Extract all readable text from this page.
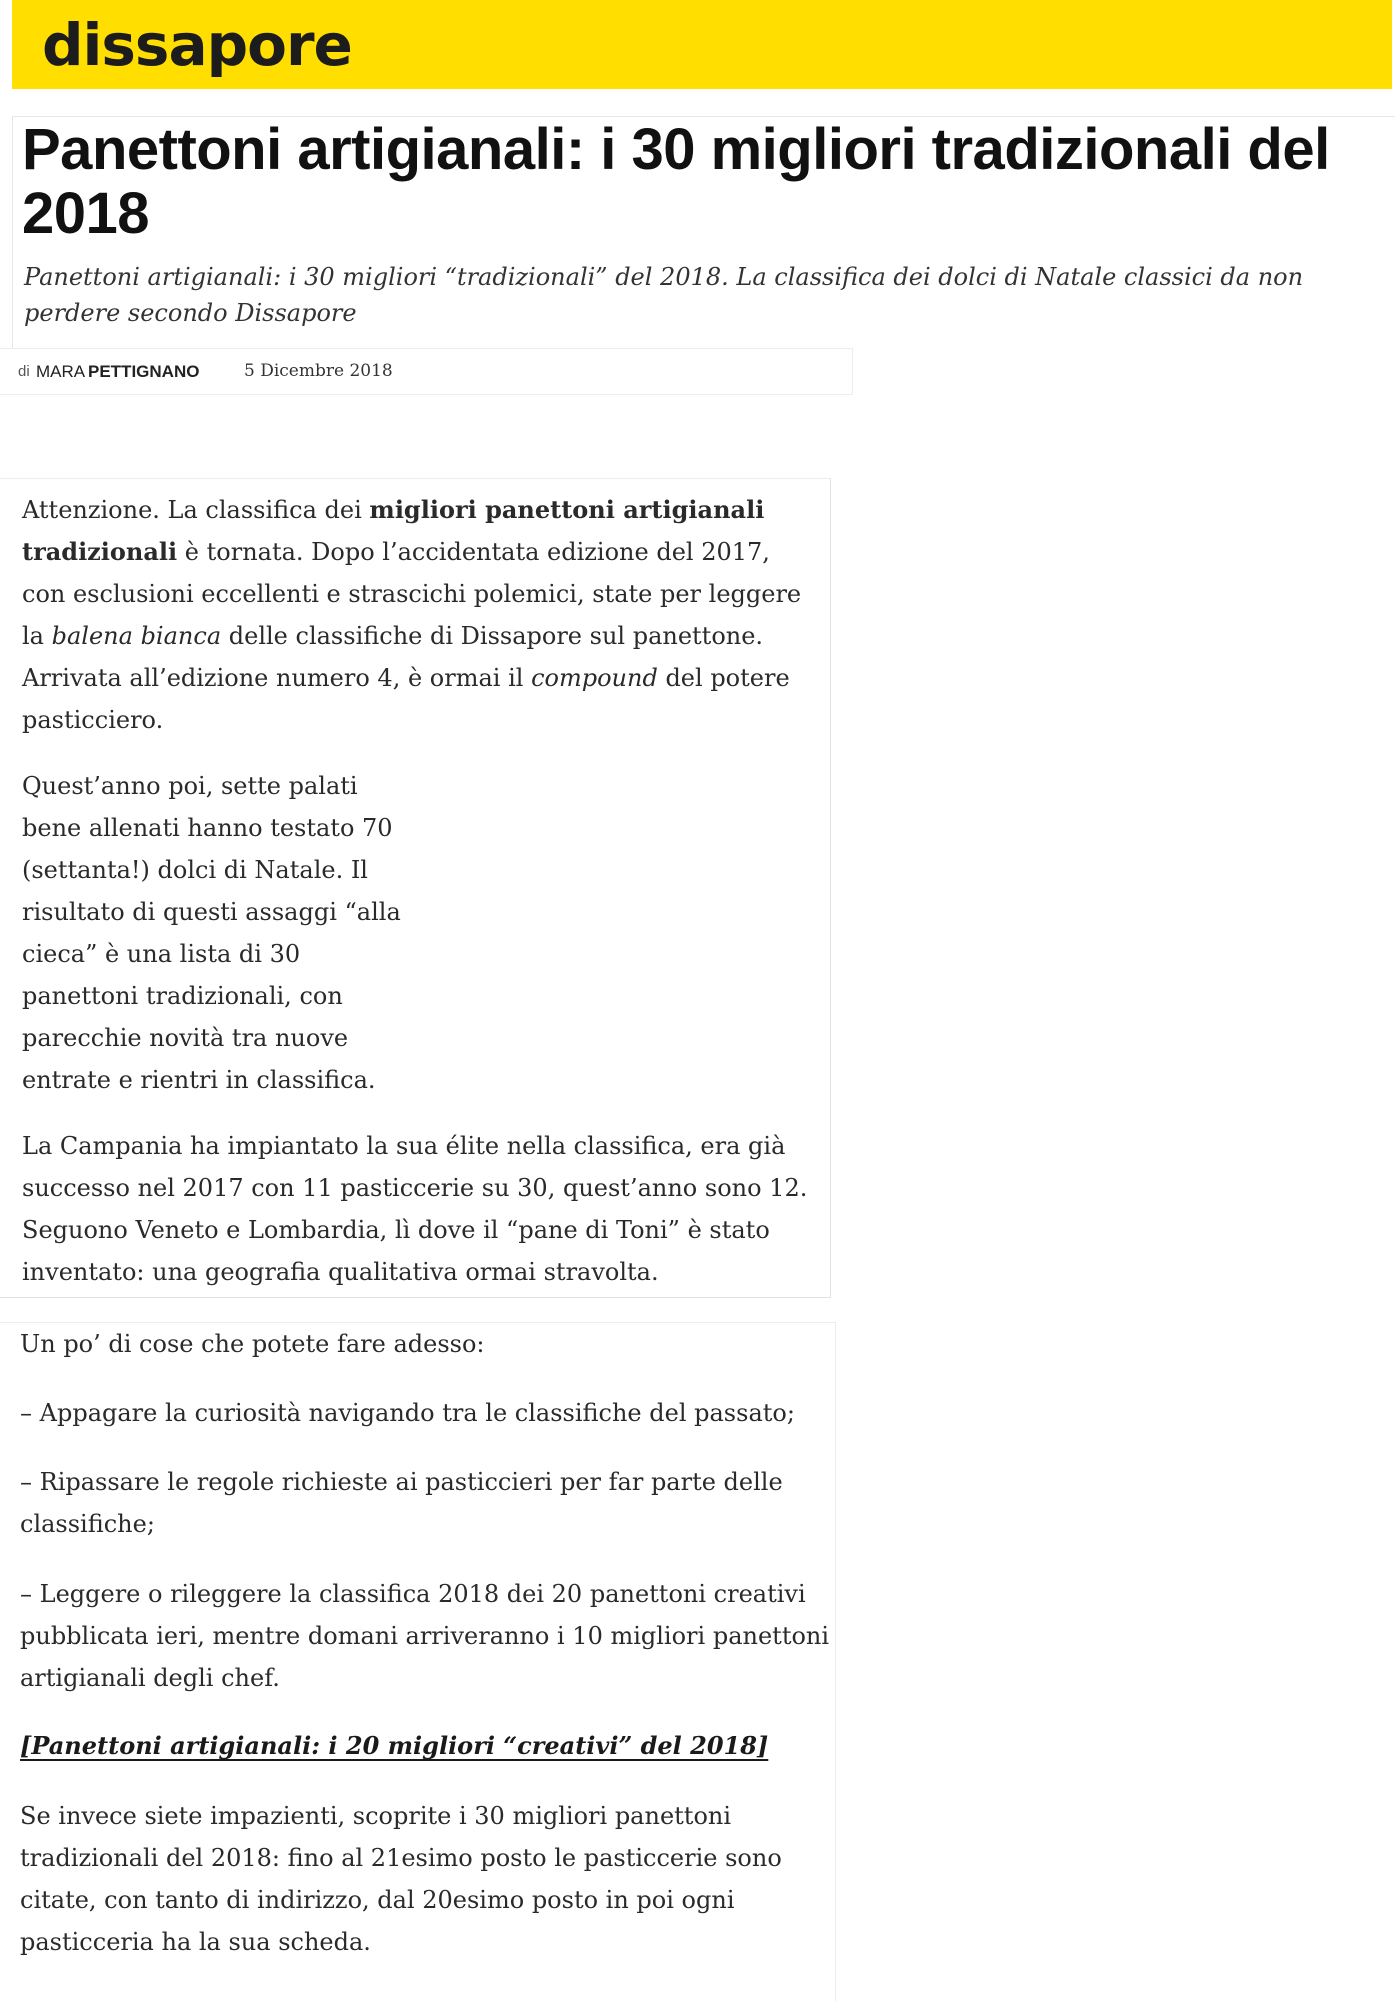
dissapore
Panettoni artigianali: i 30 migliori tradizionali del 2018

Panettoni artigianali: i 30 migliori “tradizionali” del 2018. La classifica dei dolci di Natale classici da non perdere secondo Dissapore

di MARA PETTIGNANO	5 Dicembre 2018

Attenzione. La classifica dei migliori panettoni artigianali tradizionali è tornata. Dopo l’accidentata edizione del 2017, con esclusioni eccellenti e strascichi polemici, state per leggere la balena bianca delle classifiche di Dissapore sul panettone. Arrivata all’edizione numero 4, è ormai il compound del potere pasticciero.

Quest’anno poi, sette palati bene allenati hanno testato 70 (settanta!) dolci di Natale. Il risultato di questi assaggi “alla cieca” è una lista di 30 panettoni tradizionali, con parecchie novità tra nuove entrate e rientri in classifica.

La Campania ha impiantato la sua élite nella classifica, era già successo nel 2017 con 11 pasticcerie su 30, quest’anno sono 12. Seguono Veneto e Lombardia, lì dove il “pane di Toni” è stato inventato: una geografia qualitativa ormai stravolta.

Un po’ di cose che potete fare adesso:

– Appagare la curiosità navigando tra le classifiche del passato;

– Ripassare le regole richieste ai pasticcieri per far parte delle classifiche;

– Leggere o rileggere la classifica 2018 dei 20 panettoni creativi pubblicata ieri, mentre domani arriveranno i 10 migliori panettoni artigianali degli chef.

[Panettoni artigianali: i 20 migliori “creativi” del 2018]

Se invece siete impazienti, scoprite i 30 migliori panettoni tradizionali del 2018: fino al 21esimo posto le pasticcerie sono citate, con tanto di indirizzo, dal 20esimo posto in poi ogni pasticceria ha la sua scheda.
